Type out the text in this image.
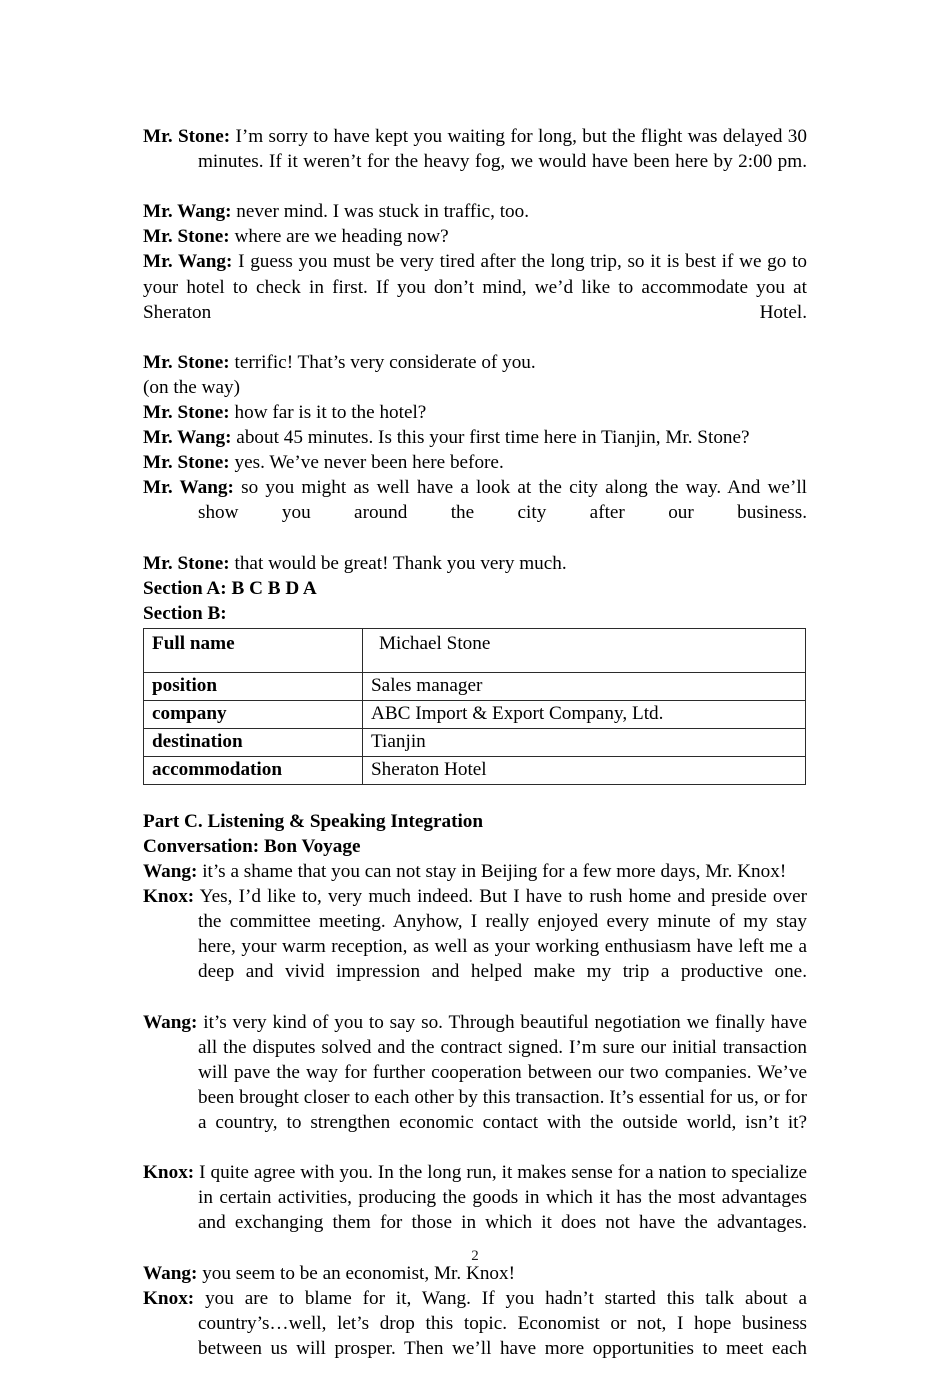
Mr. Stone: I’m sorry to have kept you waiting for long, but the flight was delayed 30 minutes. If it weren’t for the heavy fog, we would have been here by 2:00 pm.

Mr. Wang: never mind. I was stuck in traffic, too.

Mr. Stone: where are we heading now?

Mr. Wang: I guess you must be very tired after the long trip, so it is best if we go to your hotel to check in first. If you don’t mind, we’d like to accommodate you at Sheraton Hotel.

Mr. Stone: terrific! That’s very considerate of you.

(on the way)

Mr. Stone: how far is it to the hotel?

Mr. Wang: about 45 minutes. Is this your first time here in Tianjin, Mr. Stone?

Mr. Stone: yes. We’ve never been here before.

Mr. Wang: so you might as well have a look at the city along the way. And we’ll show you around the city after our business.

Mr. Stone: that would be great! Thank you very much.

Section A: B C B D A

Section B:

Full name	Michael Stone
position	Sales manager
company	ABC Import & Export Company, Ltd.
destination	Tianjin
accommodation	Sheraton Hotel

Part C. Listening & Speaking Integration

Conversation: Bon Voyage

Wang: it’s a shame that you can not stay in Beijing for a few more days, Mr. Knox!

Knox: Yes, I’d like to, very much indeed. But I have to rush home and preside over the committee meeting. Anyhow, I really enjoyed every minute of my stay here, your warm reception, as well as your working enthusiasm have left me a deep and vivid impression and helped make my trip a productive one.

Wang: it’s very kind of you to say so. Through beautiful negotiation we finally have all the disputes solved and the contract signed. I’m sure our initial transaction will pave the way for further cooperation between our two companies. We’ve been brought closer to each other by this transaction. It’s essential for us, or for a country, to strengthen economic contact with the outside world, isn’t it?

Knox: I quite agree with you. In the long run, it makes sense for a nation to specialize in certain activities, producing the goods in which it has the most advantages and exchanging them for those in which it does not have the advantages.

Wang: you seem to be an economist, Mr. Knox!

Knox: you are to blame for it, Wang. If you hadn’t started this talk about a country’s…well, let’s drop this topic. Economist or not, I hope business between us will prosper. Then we’ll have more opportunities to meet each

2
